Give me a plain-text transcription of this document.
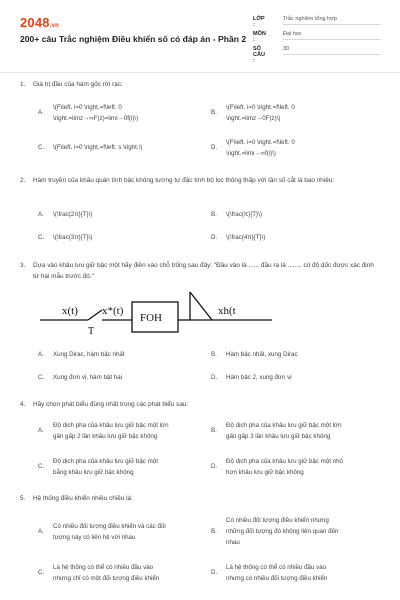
2048.vn
200+ câu Trắc nghiệm Điều khiển số có đáp án - Phần 2
LỚP :
Trắc nghiệm tổng hợp
MÔN :
Đại học
SỐ CÂU :
30
1. Giá trị đầu của hàm gốc rời rạc:
A.
\(F\left. i=0 \right.=f\left. 0
\right.=limz→∞F(z)=limi→0f(i)\)
B.
\(F\left. i=0 \right.=f\left. 0
\right.=limz→0F(z)\)
C. \(F\left. i=0 \right.=f\left. s \right.\)	D.
\(F\left. i=0 \right.=f\left. 0
\right.=limi→∞f(i)\)
2. Hàm truyền của khâu quán tính bậc không tương tự đặc tính bộ lọc thông thấp với tần số cắt là bao nhiêu:
A. \(\frac{2π}{T}\)	B. \(\frac{π}{T}\)
C. \(\frac{3π}{T}\)	D. \(\frac{4π}{T}\)
3. Dựa vào khâu lưu giữ bậc một hãy điền vào chỗ trống sau đây: "Đầu vào là ...... đầu ra là ........ có độ dốc được xác định từ hai mẫu trước đó."
x(t)
T
x*(t)
FOH
xh(t
A. Xung Dirac, hàm bậc nhất	B. Hàm bậc nhất, xung Dirac
C. Xung đơn vị, hàm bật hai	D. Hàm bậc 2, xung đơn vị
4. Hãy chọn phát biểu đúng nhất trong các phát biểu sau:
A.
Độ dịch pha của khâu lưu giữ bậc một lớn
gấn gấp 2 lần khâu lưu giữ bậc không
B.
Độ dịch pha của khâu lưu giữ bậc một lớn
gấn gấp 3 lần khâu lưu giữ bậc không
C.
Độ dịch pha của khâu lưu giữ bậc một
bằng khâu lưu giữ bậc không
D.
Độ dịch pha của khâu lưu giữ bậc một nhỏ
hơn khâu lưu giữ bậc không
5. Hệ thống điều khiển nhiều chiều là:
A.
Có nhiều đối tượng điều khiển và các đối
tượng này có liên hệ với nhau
B.
Có nhiều đối tượng điều khiển nhưng
những đối tượng đó không liên quan đến
nhau
C.
Là hệ thống có thể có nhiều đầu vào
nhưng chỉ có một đối tượng điều khiển
D.
Là hệ thống có thể có nhiều đầu vào
nhưng có nhiều đối tượng điều khiển
